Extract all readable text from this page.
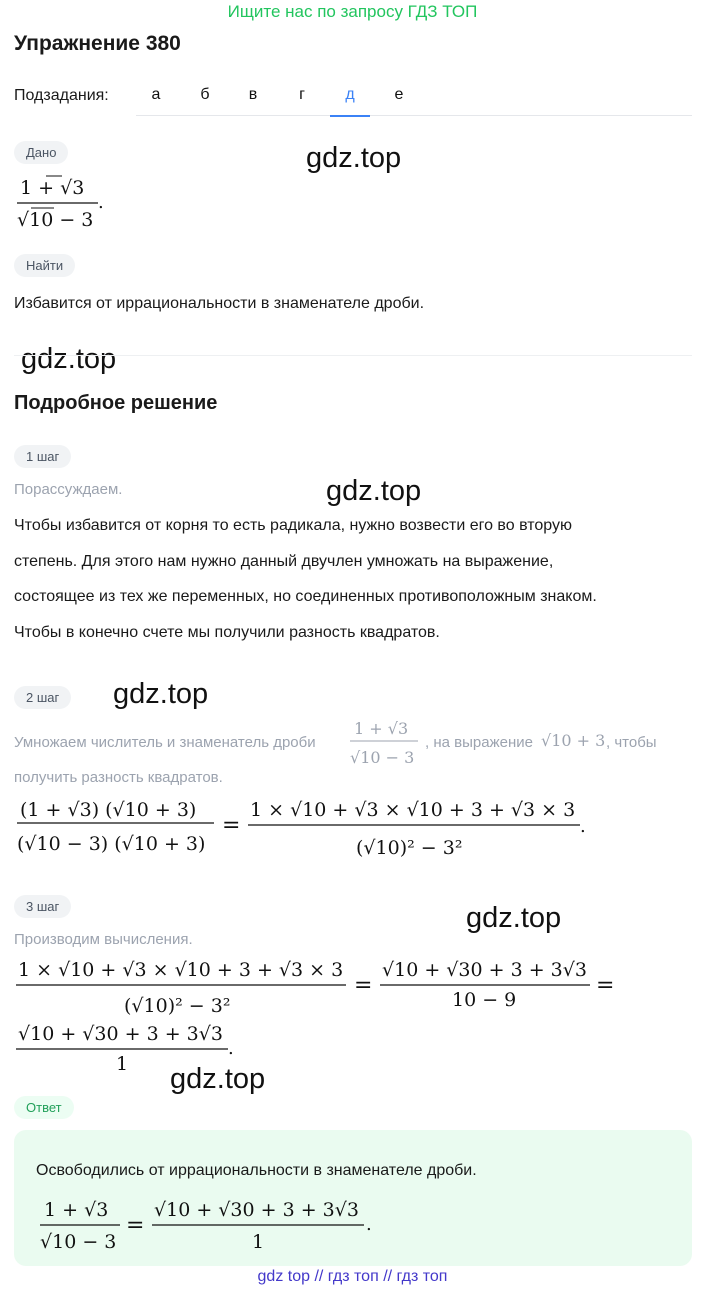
Ищите нас по запросу ГДЗ ТОП
Упражнение 380
Подзадания:	а	б	в	г	д	е
Дано	gdz.top
1 + √3
√10 − 3
.
Найти
Избавится от иррациональности в знаменателе дроби.
gdz.top
Подробное решение
1 шаг
Порассуждаем.	gdz.top
Чтобы избавится от корня то есть радикала, нужно возвести его во вторую
степень. Для этого нам нужно данный двучлен умножать на выражение,
состоящее из тех же переменных, но соединенных противоположным знаком.
Чтобы в конечно счете мы получили разность квадратов.
2 шаг	gdz.top
Умножаем числитель и знаменатель дроби
1 + √3
√10 − 3
, на выражение √10 + 3 , чтобы
получить разность квадратов.
(1 + √3) (√10 + 3)
(√10 − 3) (√10 + 3)
=
1 × √10 + √3 × √10 + 3 + √3 × 3
(√10)² − 3²
.
3 шаг	gdz.top
Производим вычисления.
1 × √10 + √3 × √10 + 3 + √3 × 3
(√10)² − 3²
=
√10 + √30 + 3 + 3√3
10 − 9
=
√10 + √30 + 3 + 3√3
1
.
gdz.top
Ответ
Освободились от иррациональности в знаменателе дроби.
1 + √3
√10 − 3
=
√10 + √30 + 3 + 3√3
1
.
gdz top // гдз топ // гдз топ
